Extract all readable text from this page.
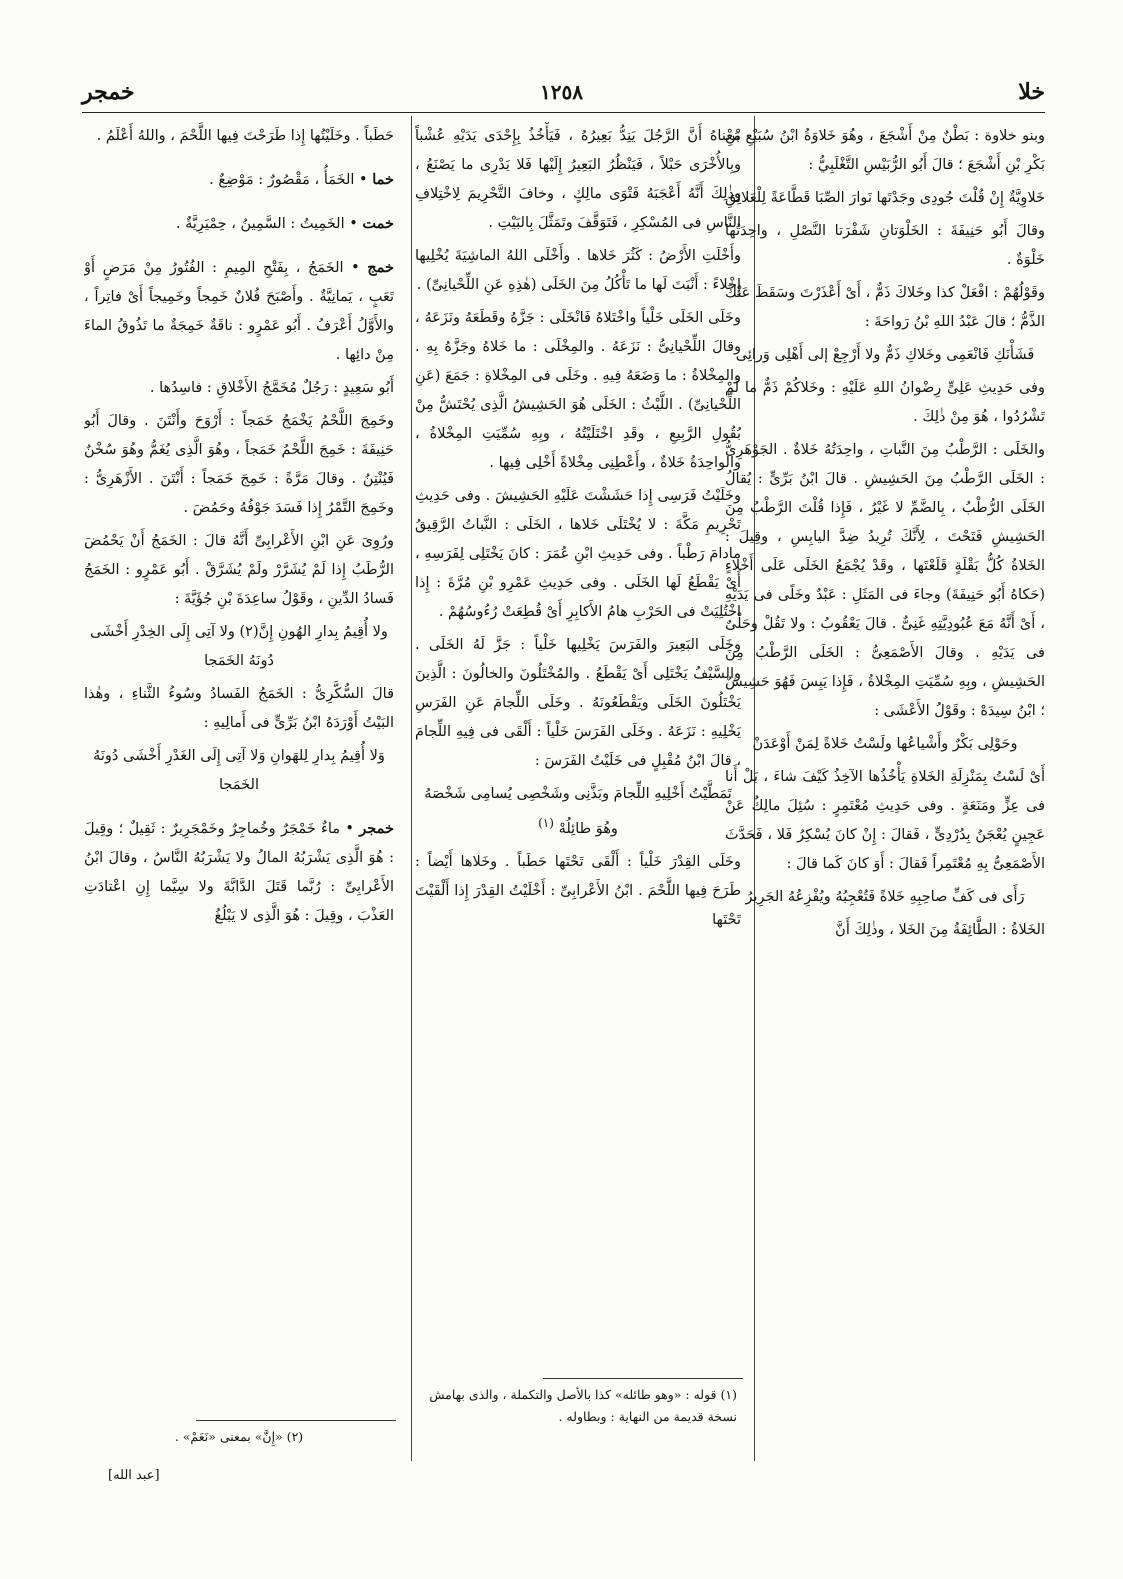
خلا
١٢٥٨
خمجر

وبنو خلاوة : بَطْنٌ مِنْ أَشْجَعَ ، وهُوَ خَلاوَةُ ابْنُ سُبَيْعِ بْنِ بَكْرِ بْنِ أَشْجَعَ ؛ قالَ أَبُو الرُّبَيْسِ التَّغْلَبِيُّ :

خَلاوِيَّةٌ إِنْ قُلْتَ جُودِى وجَدْتَها نَوارَ الصِّبَا قَطَّاعَةً لِلْعَلائِقِ

وقالَ أَبُو حَنِيفَةَ : الخَلْوَتانِ شَفْرَتا النَّصْلِ ، واحِدَتُها خَلْوَةٌ .

وقَوْلُهُمْ : افْعَلْ كذا وخَلاكَ ذَمٌّ ، أَىْ أَعْذَرْتَ وسَقَطَ عَنْكَ الذَّمُّ ؛ قالَ عَبْدُ اللهِ بْنُ رَواحَةَ :

فَشَأْنَكِ فَانْعَمِى وخَلاكِ ذَمٌّ ولا أَرْجِعْ إلى أَهْلِى وَرائِى

وفى حَدِيثِ عَلِىٍّ رِضْوانُ اللهِ عَلَيْهِ : وخَلاكُمْ ذَمٌّ ما لَمْ تَشْرُدُوا ، هُوَ مِنْ ذٰلِكَ .

والخَلَى : الرَّطْبُ مِنَ النَّباتِ ، واحِدَتُهُ خَلاةٌ . الجَوْهَرِىُّ : الخَلَى الرَّطْبُ مِنَ الحَشِيشِ . قالَ ابْنُ بَرِّىٍّ : يُقالُ الخَلَى الرُّطْبُ ، بِالضَّمِّ لا غَيْرُ ، فَإِذا قُلْتَ الرَّطْبُ مِنَ الحَشِيشِ فَتَحْتَ ، لِأَنَّكَ تُرِيدُ ضِدَّ اليابِسِ ، وقِيلَ : الخَلاةُ كُلُّ بَقْلَةٍ قَلَعْتَها ، وقَدْ يُجْمَعُ الخَلَى عَلَى أَخْلاءٍ (حَكاهُ أَبُو حَنِيفَةَ) وجاءَ فى المَثَلِ : عَبْدٌ وخَلًى فى يَدَيْهِ ، أَىْ أَنَّهُ مَعَ عُبُودِيَّتِهِ غَنِىٌّ . قالَ يَعْقُوبُ : ولا تَقُلْ وحَلْىٌ فى يَدَيْهِ . وقالَ الأَصْمَعِىُّ : الخَلَى الرَّطْبُ مِنَ الحَشِيشِ ، وبِهِ سُمِّيَتِ المِخْلاةُ ، فَإِذا يَبِسَ فَهُوَ حَشِيشٌ ؛ ابْنُ سِيدَهْ : وقَوْلُ الأَعْشَى :

وحَوْلِى بَكْرٌ وأَشْياعُها ولَسْتُ خَلاةً لِمَنْ أَوْعَدَنْ

أَىْ لَسْتُ بِمَنْزِلَةِ الخَلاةِ يَأْخُذُها الآخِذُ كَيْفَ شاءَ ، بَلْ أَنا فى عِزٍّ ومَنَعَةٍ . وفى حَدِيثِ مُعْتَمِرٍ : سُئِلَ مالِكٌ عَنْ عَجِينٍ يُعْجَنُ بِدُرْدِىٍّ ، فَقالَ : إِنْ كانَ يُسْكِرُ فَلا ، فَحَدَّثَ الأَصْمَعِىُّ بِهِ مُعْتَمِراً فَقالَ : أَوَ كانَ كَما قالَ :

رَأَى فى كَفِّ صاحِبِهِ خَلاةً فَتُعْجِبُهُ ويُفْزِعُهُ الجَرِيرُ

الخَلاةُ : الطَّائِفَةُ مِنَ الخَلا ، وذٰلِكَ أَنَّ

مَعْناهُ أَنَّ الرَّجُلَ يَنِدُّ بَعِيرُهُ ، فَيَأْخُذُ بِإِحْدَى يَدَيْهِ عُشْباً وبِالأُخْرَى حَبْلاً ، فَيَنْظُرُ البَعِيرُ إِلَيْها فَلا يَدْرِى ما يَصْنَعُ ، وذٰلِكَ أَنَّهُ أَعْجَبَهُ فَتْوَى مالِكٍ ، وخافَ التَّحْرِيمَ لِاخْتِلافِ النَّاسِ فى المُسْكِرِ ، فَتَوَقَّفَ وتَمَثَّلَ بِالبَيْتِ .

وأَخْلَتِ الأَرْضُ : كَثُرَ خَلاها . وأَخْلَى اللهُ الماشِيَةَ يُخْلِيها إِخْلاءً : أَنْبَتَ لَها ما تَأْكُلُ مِنَ الخَلَى (هٰذِهِ عَنِ اللِّحْيانِىِّ) .

وخَلَى الخَلَى خَلْياً واخْتَلاهُ فَانْخَلَى : جَزَّهُ وقَطَعَهُ ونَزَعَهُ ، وقالَ اللِّحْيانِىُّ : نَزَعَهُ . والمِخْلَى : ما خَلاهُ وجَزَّهُ بِهِ . والمِخْلاةُ : ما وَضَعَهُ فِيهِ . وخَلَى فى المِخْلاةِ : جَمَعَ (عَنِ اللِّحْيانِىِّ) . اللَّيْثُ : الخَلَى هُوَ الحَشِيشُ الَّذِى يُحْتَشُّ مِنْ بُقُولِ الرَّبِيعِ ، وقَدِ اخْتَلَيْتُهُ ، وبِهِ سُمِّيَتِ المِخْلاةُ ، والواحِدَةُ خَلاةٌ ، وأَعْطِنِى مِخْلاةً أَخْلِى فِيها .

وخَلَيْتُ فَرَسِى إِذا حَشَشْتَ عَلَيْهِ الحَشِيشَ . وفى حَدِيثِ تَحْرِيمِ مَكَّةَ : لا يُخْتَلَى خَلاها ، الخَلَى : النَّباتُ الرَّقِيقُ مادامَ رَطْباً . وفى حَدِيثِ ابْنِ عُمَرَ : كانَ يَخْتَلِى لِفَرَسِهِ ، أَىْ يَقْطَعُ لَها الخَلَى . وفى حَدِيثِ عَمْرِو بْنِ مُرَّةَ : إِذا اخْتُلِيَتْ فى الحَرْبِ هامُ الأَكابِرِ أَىْ قُطِعَتْ رُءُوسُهُمْ .

وخَلَى البَعِيرَ والفَرَسَ يَخْلِيها خَلْياً : جَزَّ لَهُ الخَلَى . والسَّيْفُ يَخْتَلِى أَىْ يَقْطَعُ . والمُخْتَلُونَ والخالُونَ : الَّذِينَ يَخْتَلُونَ الخَلَى ويَقْطَعُونَهُ . وخَلَى اللِّجامَ عَنِ الفَرَسِ يَخْلِيهِ : نَزَعَهُ . وخَلَى الفَرَسَ خَلْياً : أَلْقَى فى فِيهِ اللِّجامَ ، قالَ ابْنُ مُقْبِلٍ فى خَلَيْتُ الفَرَسَ :

تَمَطَّيْتُ أَخْلِيهِ اللِّجامَ وبَذَّنِى وشَخْصِى يُسامِى شَخْصَهُ وهُوَ طائِلُهْ $^{(١)}$

وخَلَى القِدْرَ خَلْياً : أَلْقَى تَحْتَها حَطَباً . وخَلاها أَيْضاً : طَرَحَ فِيها اللَّحْمَ . ابْنُ الأَعْرابِىِّ : أَخْلَيْتُ القِدْرَ إِذا أَلْقَيْتَ تَحْتَها

(١) قوله : «وهو طائله» كذا بالأصل والتكملة ، والذى بهامش نسخة قديمة من النهاية : وبطاوله .

حَطَباً . وخَلَيْتُها إِذا طَرَحْتَ فِيها اللَّحْمَ ، واللهُ أَعْلَمُ .

خما • الخَمَأُ ، مَقْصُورٌ : مَوْضِعٌ .

خمت • الخَمِيتُ : السَّمِينُ ، حِمْيَرِيَّةٌ .

خمج • الخَمَجُ ، بِفَتْحِ المِيمِ : الفُتُورُ مِنْ مَرَضٍ أَوْ تَعَبٍ ، يَمانِيَّةٌ . وأَصْبَحَ فُلانٌ خَمِجاً وخَمِيجاً أَىْ فاتِراً ، والأَوَّلُ أَعْرَفُ . أَبُو عَمْرٍو : ناقَةٌ خَمِجَةٌ ما تَذُوقُ الماءَ مِنْ دائِها .

أَبُو سَعِيدٍ : رَجُلٌ مُخَمَّجُ الأَخْلاقِ : فاسِدُها .

وخَمِجَ اللَّحْمُ يَخْمَجُ خَمَجاً : أَرْوَحَ وأَنْتَنَ . وقالَ أَبُو حَنِيفَةَ : خَمِجَ اللَّحْمُ خَمَجاً ، وهُوَ الَّذِى يُغَمُّ وهُوَ سُخْنٌ فَيُنْتِنُ . وقالَ مَرَّةً : خَمِجَ خَمَجاً : أَنْتَنَ . الأَزْهَرِىُّ : وخَمِجَ التَّمْرُ إِذا فَسَدَ جَوْفُهُ وحَمُضَ .

ورُوِىَ عَنِ ابْنِ الأَعْرابِىِّ أَنَّهُ قالَ : الخَمَجُ أَنْ يَحْمُضَ الرُّطَبُ إِذا لَمْ يُشَرَّرْ ولَمْ يُشَرَّقْ . أَبُو عَمْرٍو : الخَمَجُ فَسادُ الدِّينِ ، وقَوْلُ ساعِدَةَ بْنِ جُؤَيَّةَ :

ولا أُقِيمُ بِدارِ الهُونِ إِنَّ(٢) ولا آتِى إِلَى الخِدْرِ أَخْشَى دُونَهُ الخَمَجا

قالَ السُّكَّرِىُّ : الخَمَجُ الفَسادُ وسُوءُ الثَّناءِ ، وهٰذا البَيْتُ أَوْرَدَهُ ابْنُ بَرِّىٍّ فى أَمالِيهِ :

وَلا أُقِيمُ بِدارِ لِلهَوانِ وَلا آتِى إِلَى الغَدْرِ أَخْشَى دُونَهُ الخَمَجا

خمجر • ماءٌ خَمْجَرٌ وخُماجِرٌ وخَمْجَرِيرٌ : ثَقِيلٌ ؛ وقِيلَ : هُوَ الَّذِى يَشْرَبُهُ المالُ ولا يَشْرَبُهُ النَّاسُ ، وقالَ ابْنُ الأَعْرابِىِّ : رُبَّما قَتَلَ الدَّابَّةَ ولا سِيَّما إِنِ اعْتادَتِ العَذْبَ ، وقِيلَ : هُوَ الَّذِى لا يَبْلُغُ

(٢) «إِنَّ» بمعنى «نَعَمْ» .
[عبد الله]
